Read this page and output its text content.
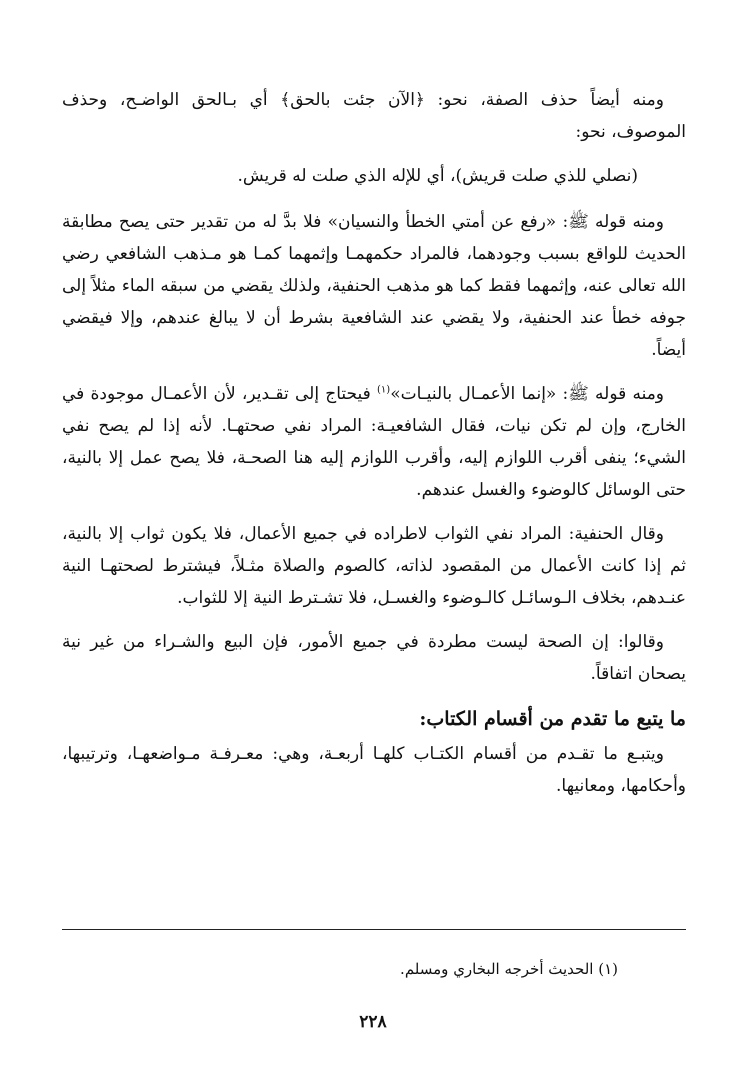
ومنه أيضاً حذف الصفة، نحو: ﴿الآن جئت بالحق﴾ أي بـالحق الواضـح، وحذف الموصوف، نحو:

(نصلي للذي صلت قريش)، أي للإله الذي صلت له قريش.

ومنه قوله ﷺ: «رفع عن أمتي الخطأ والنسيان» فلا بدَّ له من تقدير حتى يصح مطابقة الحديث للواقع بسبب وجودهما، فالمراد حكمهمـا وإثمهما كمـا هو مـذهب الشافعي رضي الله تعالى عنه، وإثمهما فقط كما هو مذهب الحنفية، ولذلك يقضي من سبقه الماء مثلاً إلى جوفه خطأ عند الحنفية، ولا يقضي عند الشافعية بشرط أن لا يبالغ عندهم، وإلا فيقضي أيضاً.

ومنه قوله ﷺ: «إنما الأعمـال بالنيـات»$^{(١)}$ فيحتاج إلى تقـدير، لأن الأعمـال موجودة في الخارج، وإن لم تكن نيات، فقال الشافعيـة: المراد نفي صحتهـا. لأنه إذا لم يصح نفي الشيء؛ ينفى أقرب اللوازم إليه، وأقرب اللوازم إليه هنا الصحـة، فلا يصح عمل إلا بالنية، حتى الوسائل كالوضوء والغسل عندهم.

وقال الحنفية: المراد نفي الثواب لاطراده في جميع الأعمال، فلا يكون ثواب إلا بالنية، ثم إذا كانت الأعمال من المقصود لذاته، كالصوم والصلاة مثـلاً، فيشترط لصحتهـا النية عنـدهم، بخلاف الـوسائـل كالـوضوء والغسـل، فلا تشـترط النية إلا للثواب.

وقالوا: إن الصحة ليست مطردة في جميع الأمور، فإن البيع والشـراء من غير نية يصحان اتفاقاً.

ما يتبع ما تقدم من أقسام الكتاب:

ويتبـع ما تقـدم من أقسام الكتـاب كلهـا أربعـة، وهي: معـرفـة مـواضعهـا، وترتيبها، وأحكامها، ومعانيها.

(١) الحديث أخرجه البخاري ومسلم.
٢٢٨
